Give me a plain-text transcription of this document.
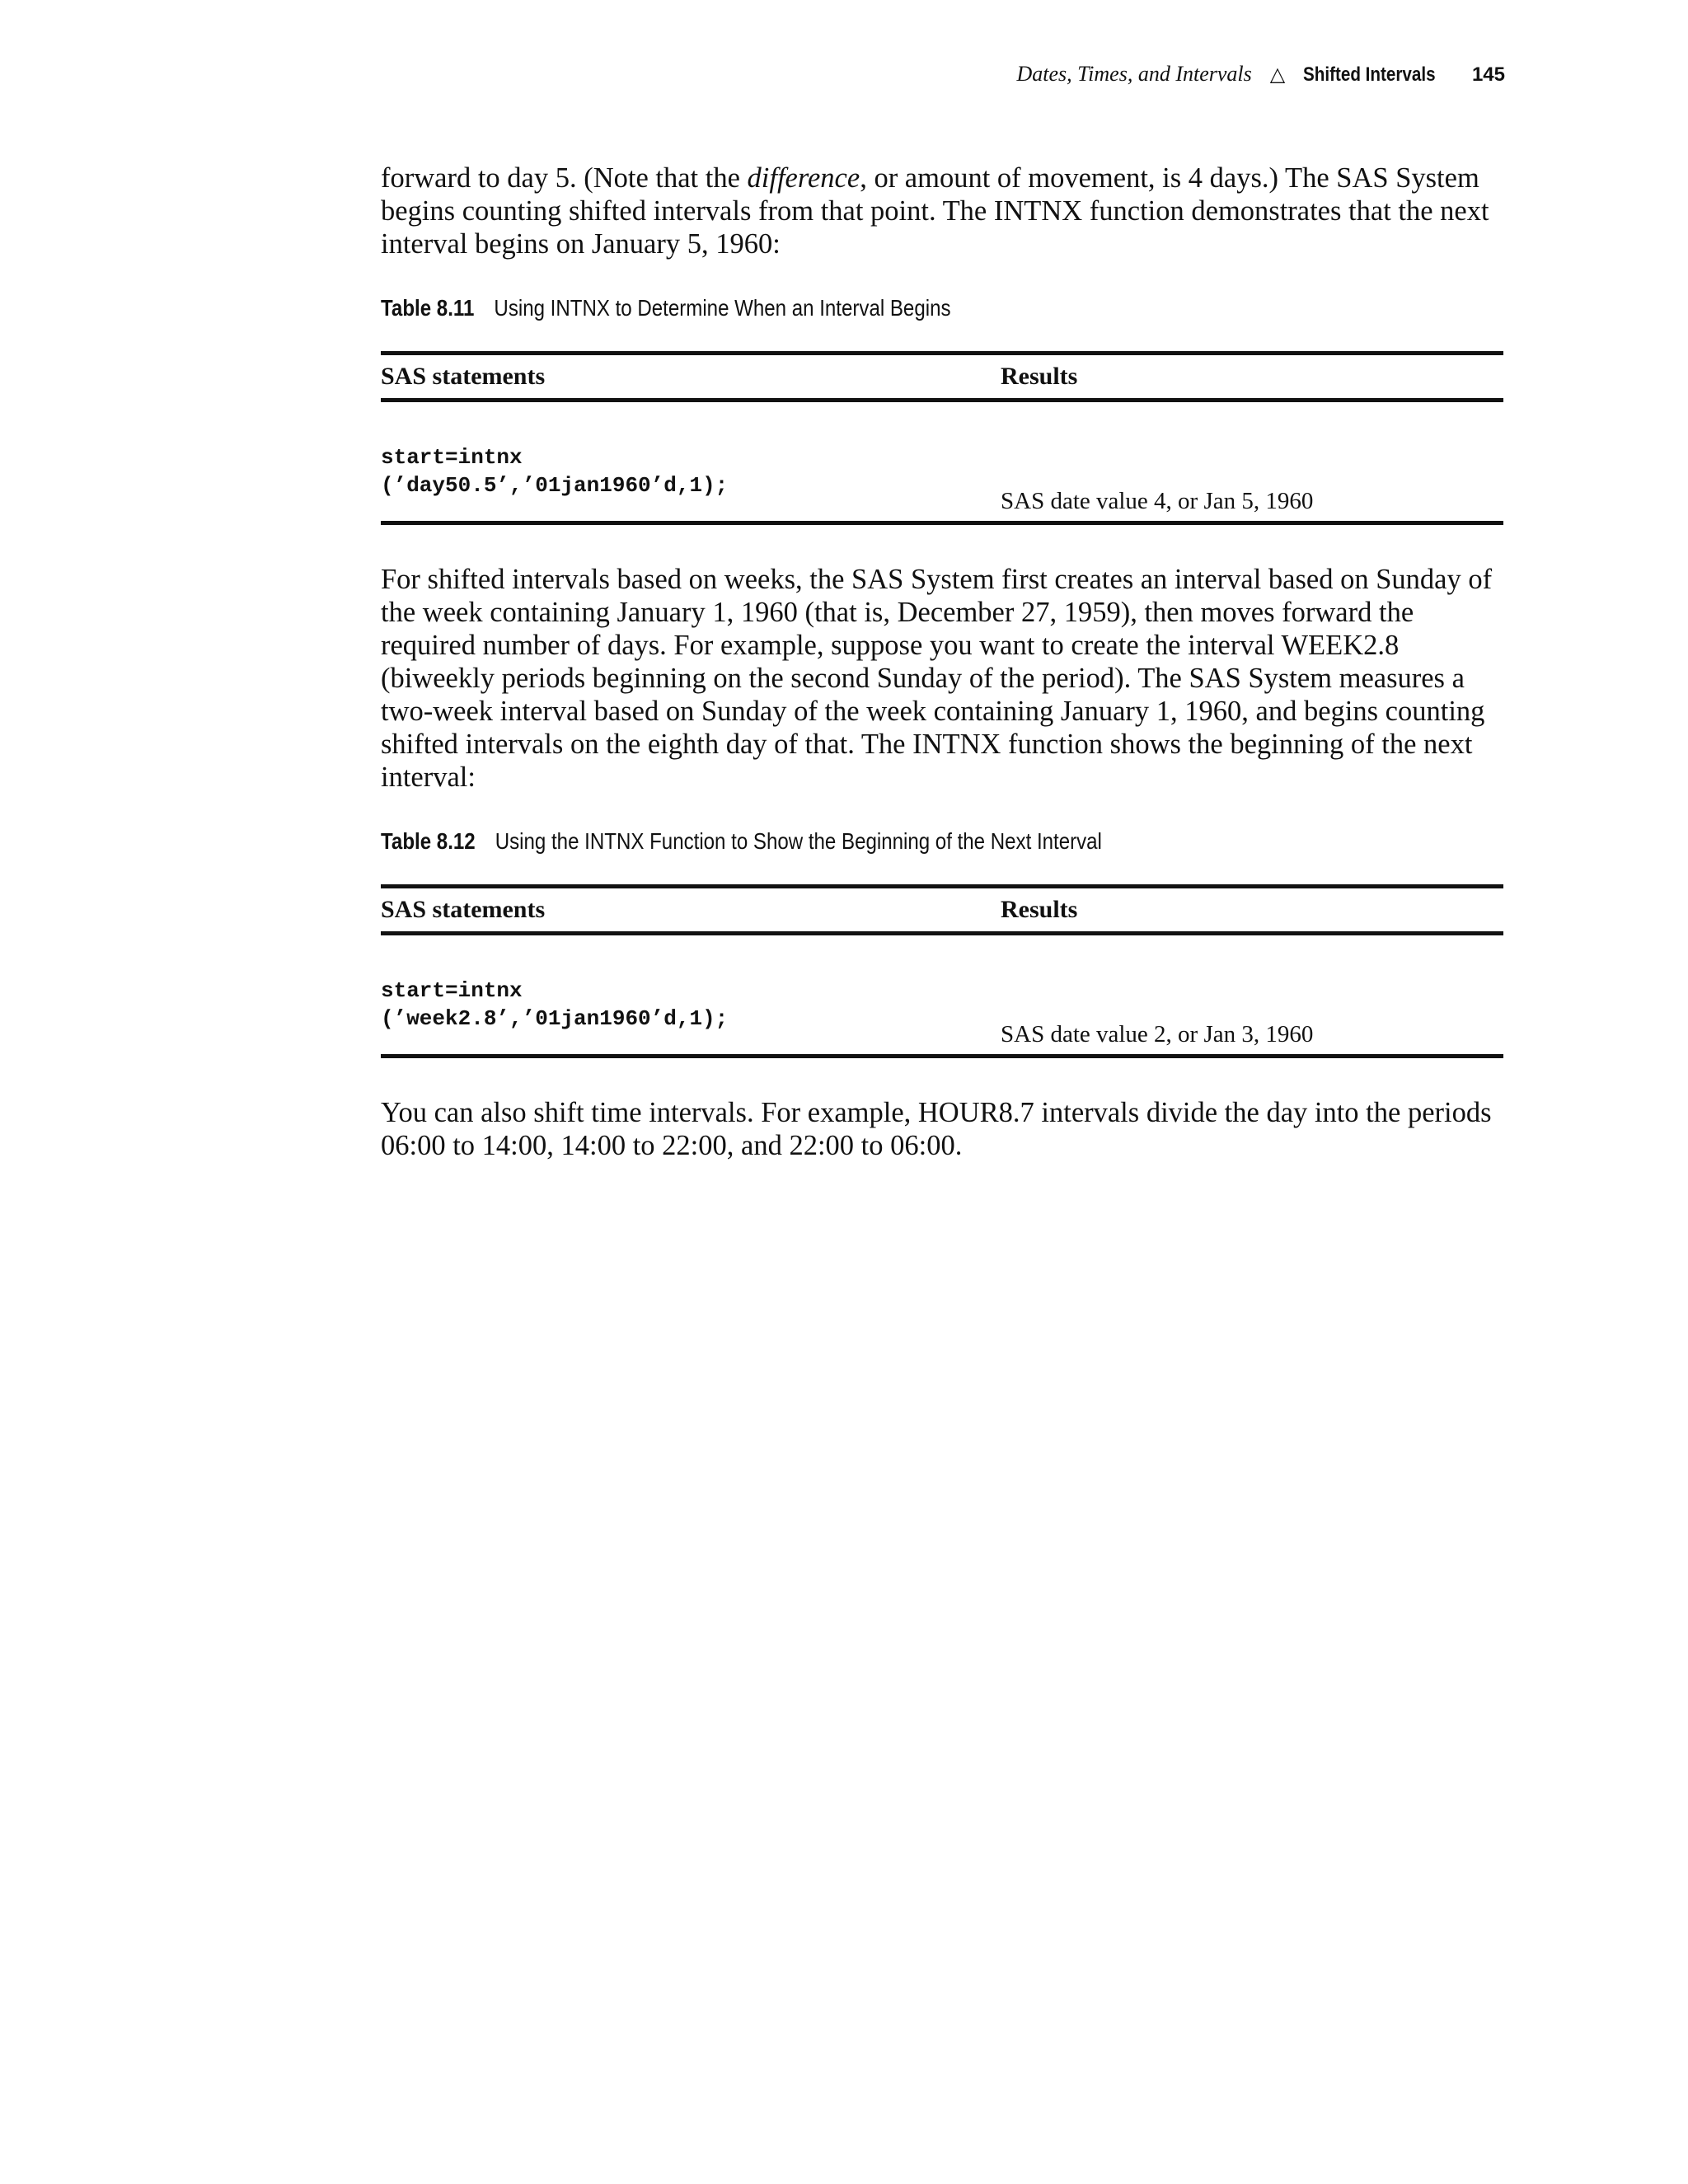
Dates, Times, and Intervals △ Shifted Intervals 145

forward to day 5. (Note that the difference, or amount of movement, is 4 days.) The SAS System begins counting shifted intervals from that point. The INTNX function demonstrates that the next interval begins on January 5, 1960:

Table 8.11 Using INTNX to Determine When an Interval Begins
SAS statements	Results
start=intnx
(’day50.5’,’01jan1960’d,1);
SAS date value 4, or Jan 5, 1960

For shifted intervals based on weeks, the SAS System first creates an interval based on Sunday of the week containing January 1, 1960 (that is, December 27, 1959), then moves forward the required number of days. For example, suppose you want to create the interval WEEK2.8 (biweekly periods beginning on the second Sunday of the period). The SAS System measures a two-week interval based on Sunday of the week containing January 1, 1960, and begins counting shifted intervals on the eighth day of that. The INTNX function shows the beginning of the next interval:

Table 8.12 Using the INTNX Function to Show the Beginning of the Next Interval
SAS statements	Results
start=intnx
(’week2.8’,’01jan1960’d,1);
SAS date value 2, or Jan 3, 1960

You can also shift time intervals. For example, HOUR8.7 intervals divide the day into the periods 06:00 to 14:00, 14:00 to 22:00, and 22:00 to 06:00.
